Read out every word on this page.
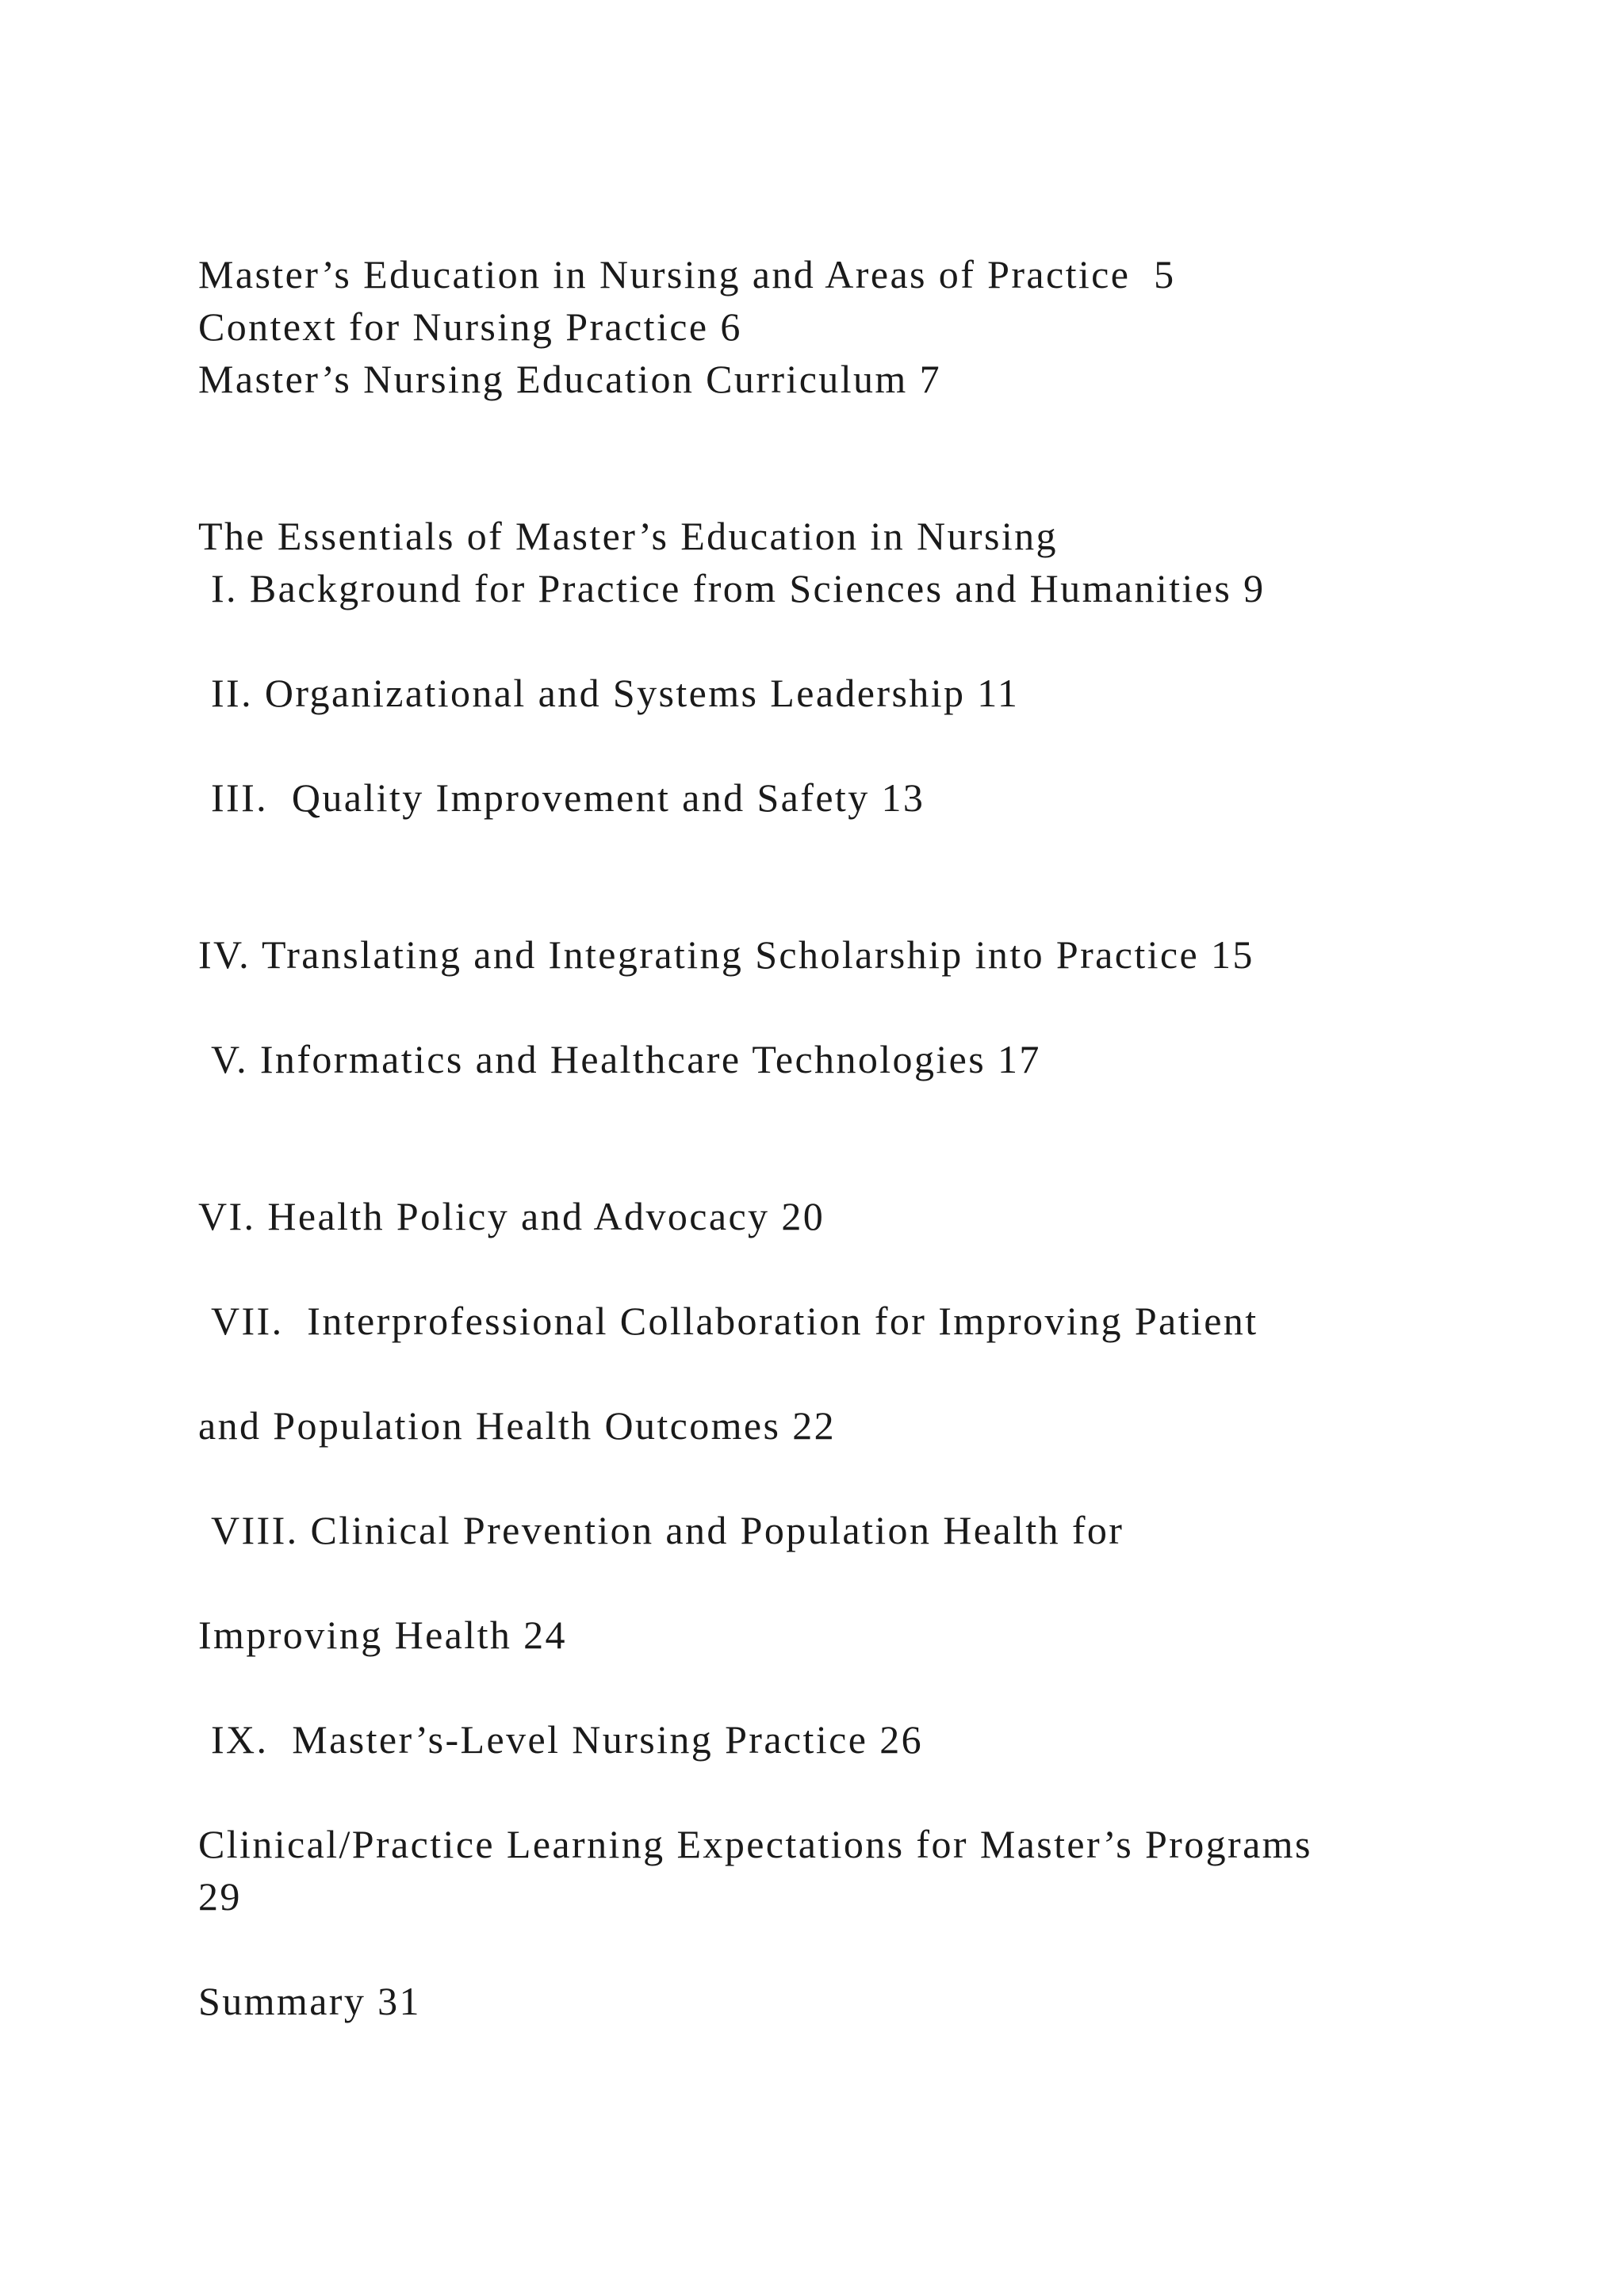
Master’s Education in Nursing and Areas of Practice  5

Context for Nursing Practice 6

Master’s Nursing Education Curriculum 7

The Essentials of Master’s Education in Nursing

I. Background for Practice from Sciences and Humanities 9

II. Organizational and Systems Leadership 11

III.  Quality Improvement and Safety 13

IV. Translating and Integrating Scholarship into Practice 15

V. Informatics and Healthcare Technologies 17

VI. Health Policy and Advocacy 20

VII.  Interprofessional Collaboration for Improving Patient

and Population Health Outcomes 22

VIII. Clinical Prevention and Population Health for

Improving Health 24

IX.  Master’s-Level Nursing Practice 26

Clinical/Practice Learning Expectations for Master’s Programs

29

Summary 31
